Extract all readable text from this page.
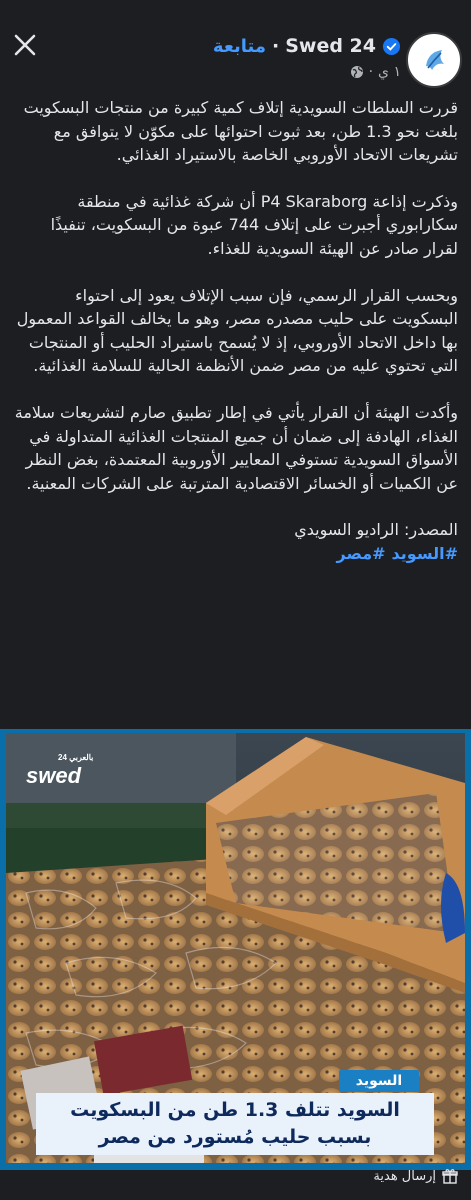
متابعة · Swed 24
· ١ ي

قررت السلطات السويدية إتلاف كمية كبيرة من منتجات البسكويت بلغت نحو 1.3 طن، بعد ثبوت احتوائها على مكوّن لا يتوافق مع تشريعات الاتحاد الأوروبي الخاصة بالاستيراد الغذائي.

وذكرت إذاعة P4 Skaraborg أن شركة غذائية في منطقة سكارابوري أجبرت على إتلاف 744 عبوة من البسكويت، تنفيذًا لقرار صادر عن الهيئة السويدية للغذاء.

وبحسب القرار الرسمي، فإن سبب الإتلاف يعود إلى احتواء البسكويت على حليب مصدره مصر، وهو ما يخالف القواعد المعمول بها داخل الاتحاد الأوروبي، إذ لا يُسمح باستيراد الحليب أو المنتجات التي تحتوي عليه من مصر ضمن الأنظمة الحالية للسلامة الغذائية.

وأكدت الهيئة أن القرار يأتي في إطار تطبيق صارم لتشريعات سلامة الغذاء، الهادفة إلى ضمان أن جميع المنتجات الغذائية المتداولة في الأسواق السويدية تستوفي المعايير الأوروبية المعتمدة، بغض النظر عن الكميات أو الخسائر الاقتصادية المترتبة على الشركات المعنية.

المصدر: الراديو السويدي

#السويد#مصر

24 بالعربي
swed
السويد
السويد تتلف 1.3 طن من البسكويت
بسبب حليب مُستورد من مصر
إرسال هدية
